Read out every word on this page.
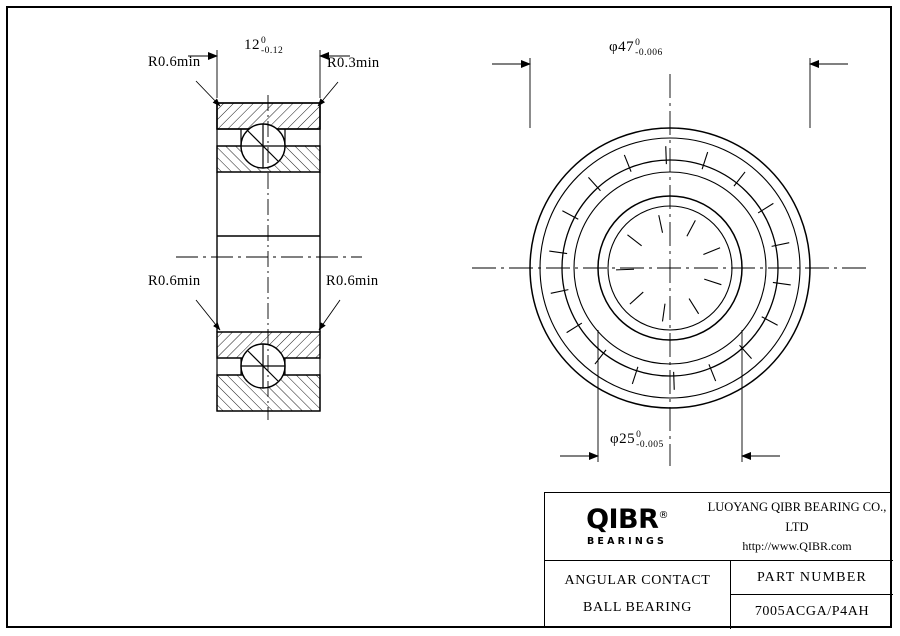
12 0
-0.12	φ47 0
-0.006
φ25 0
-0.005
R0.6min	R0.3min
R0.6min	R0.6min
QIBR®
BEARINGS
LUOYANG QIBR BEARING CO., LTD
http://www.QIBR.com
ANGULAR CONTACT
BALL BEARING
PART NUMBER
7005ACGA/P4AH
